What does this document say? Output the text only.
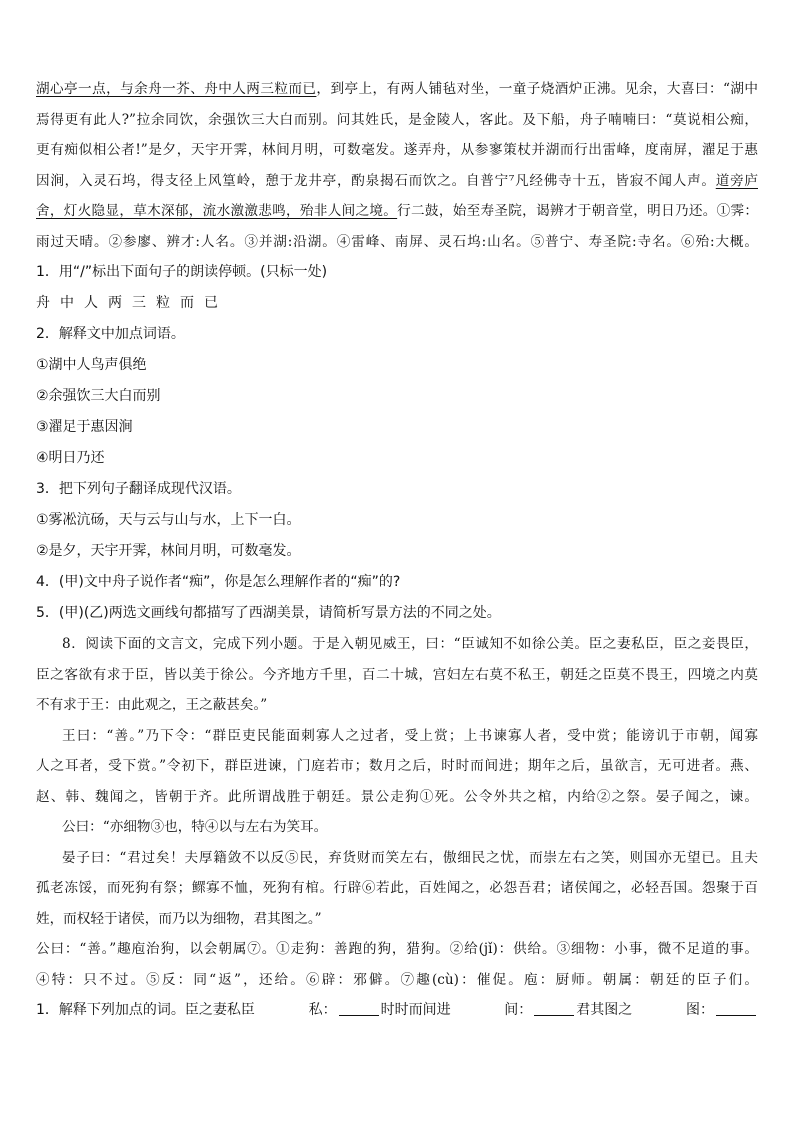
湖心亭一点，与余舟一芥、舟中人两三粒而已，到亭上，有两人铺毡对坐，一童子烧酒炉正沸。见余，大喜曰：“湖中
焉得更有此人?”拉余同饮，余强饮三大白而别。问其姓氏，是金陵人，客此。及下船，舟子喃喃曰：“莫说相公痴，
更有痴似相公者!”是夕，天宇开霁，林间月明，可数毫发。遂弄舟，从参寥策杖并湖而行出雷峰，度南屏，濯足于惠
因涧，入灵石坞，得支径上风篁岭，憩于龙井亭，酌泉揭石而饮之。自普宁⁷凡经佛寺十五，皆寂不闻人声。道旁庐
舍，灯火隐显，草木深郁，流水激激悲鸣，殆非人间之境。行二鼓，始至寿圣院，谒辨才于朝音堂，明日乃还。①霁：
雨过天晴。②参廖、辨才:人名。③并湖:沿湖。④雷峰、南屏、灵石坞:山名。⑤普宁、寿圣院:寺名。⑥殆:大概。
1．用“/”标出下面句子的朗读停顿。(只标一处)
舟中人两三粒而已
2．解释文中加点词语。
①湖中人鸟声俱绝
②余强饮三大白而别
③濯足于惠因涧
④明日乃还
3．把下列句子翻译成现代汉语。
①雾凇沆砀，天与云与山与水，上下一白。
②是夕，天宇开霁，林间月明，可数毫发。
4．(甲)文中舟子说作者“痴”，你是怎么理解作者的“痴”的?
5．(甲)(乙)两选文画线句都描写了西湖美景，请简析写景方法的不同之处。
8．阅读下面的文言文，完成下列小题。于是入朝见威王，曰：“臣诚知不如徐公美。臣之妻私臣，臣之妾畏臣，
臣之客欲有求于臣，皆以美于徐公。今齐地方千里，百二十城，宫妇左右莫不私王，朝廷之臣莫不畏王，四境之内莫
不有求于王：由此观之，王之蔽甚矣。”
王曰：“善。”乃下令：“群臣吏民能面刺寡人之过者，受上赏；上书谏寡人者，受中赏；能谤讥于市朝，闻寡
人之耳者，受下赏。”令初下，群臣进谏，门庭若市；数月之后，时时而间进；期年之后，虽欲言，无可进者。燕、
赵、韩、魏闻之，皆朝于齐。此所谓战胜于朝廷。景公走狗①死。公令外共之棺，内给②之祭。晏子闻之，谏。
公曰：“亦细物③也，特④以与左右为笑耳。
晏子曰：“君过矣！夫厚籍敛不以反⑤民，弃货财而笑左右，傲细民之忧，而崇左右之笑，则国亦无望已。且夫
孤老冻馁，而死狗有祭；鳏寡不恤，死狗有棺。行辟⑥若此，百姓闻之，必怨吾君；诸侯闻之，必轻吾国。怨聚于百
姓，而权轻于诸侯，而乃以为细物，君其图之。”
公曰：“善。”趣庖治狗，以会朝属⑦。①走狗：善跑的狗，猎狗。②给(jǐ)：供给。③细物：小事，微不足道的事。
④特：只不过。⑤反：同“返”，还给。⑥辟：邪僻。⑦趣(cù)：催促。庖：厨师。朝属：朝廷的臣子们。
1．解释下列加点的词。臣之妻私臣	私：	时时而间进	间：	君其图之	图：
